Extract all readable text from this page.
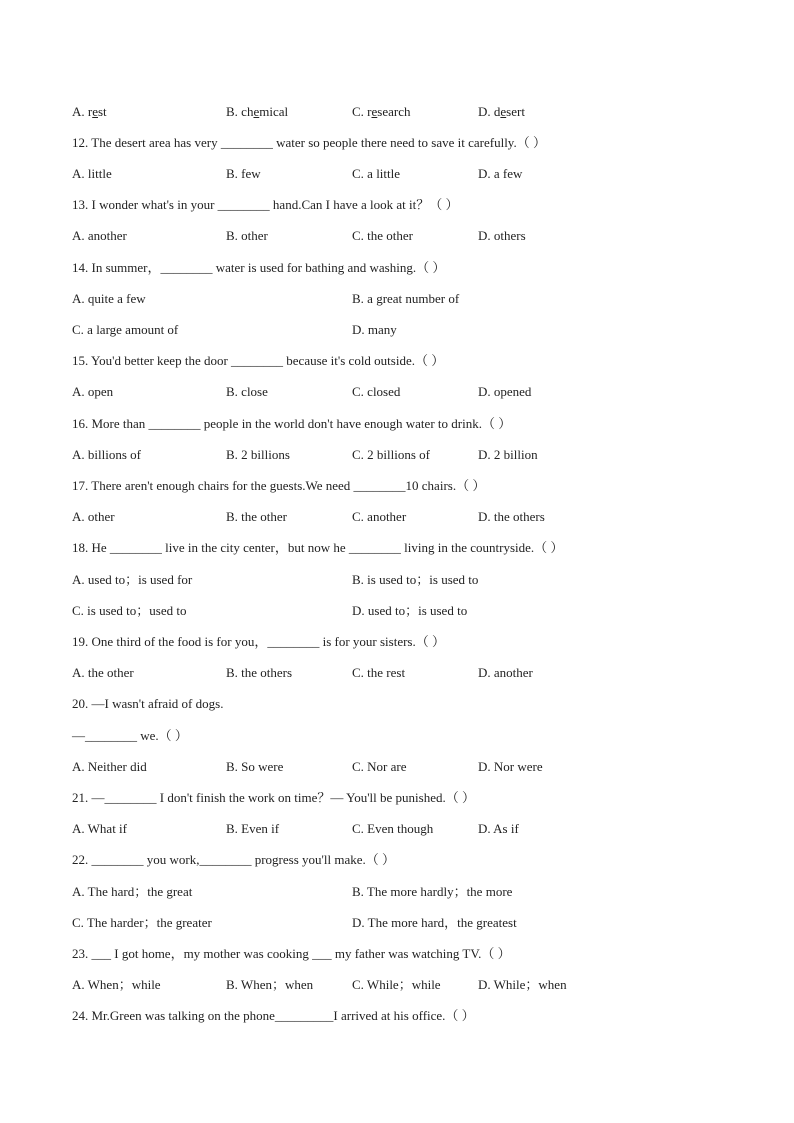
A. rest	B. chemical	C. research	D. desert
12. The desert area has very ________ water so people there need to save it carefully.（ ）
A. little	B. few	C. a little	D. a few
13. I wonder what's in your ________ hand.Can I have a look at it？（ ）
A. another	B. other	C. the other	D. others
14. In summer，________ water is used for bathing and washing.（ ）
A. quite a few	B. a great number of
C. a large amount of	D. many
15. You'd better keep the door ________ because it's cold outside.（ ）
A. open	B. close	C. closed	D. opened
16. More than ________ people in the world don't have enough water to drink.（ ）
A. billions of	B. 2 billions	C. 2 billions of	D. 2 billion
17. There aren't enough chairs for the guests.We need ________10 chairs.（ ）
A. other	B. the other	C. another	D. the others
18. He ________ live in the city center，but now he ________ living in the countryside.（ ）
A. used to；is used for	B. is used to；is used to
C. is used to；used to	D. used to；is used to
19. One third of the food is for you，________ is for your sisters.（ ）
A. the other	B. the others	C. the rest	D. another
20. —I wasn't afraid of dogs.
—________ we.（ ）
A. Neither did	B. So were	C. Nor are	D. Nor were
21. —________ I don't finish the work on time？— You'll be punished.（ ）
A. What if	B. Even if	C. Even though	D. As if
22. ________ you work,________ progress you'll make.（ ）
A. The hard；the great	B. The more hardly；the more
C. The harder；the greater	D. The more hard，the greatest
23. ___ I got home，my mother was cooking ___ my father was watching TV.（ ）
A. When；while	B. When；when	C. While；while	D. While；when
24. Mr.Green was talking on the phone_________I arrived at his office.（ ）
